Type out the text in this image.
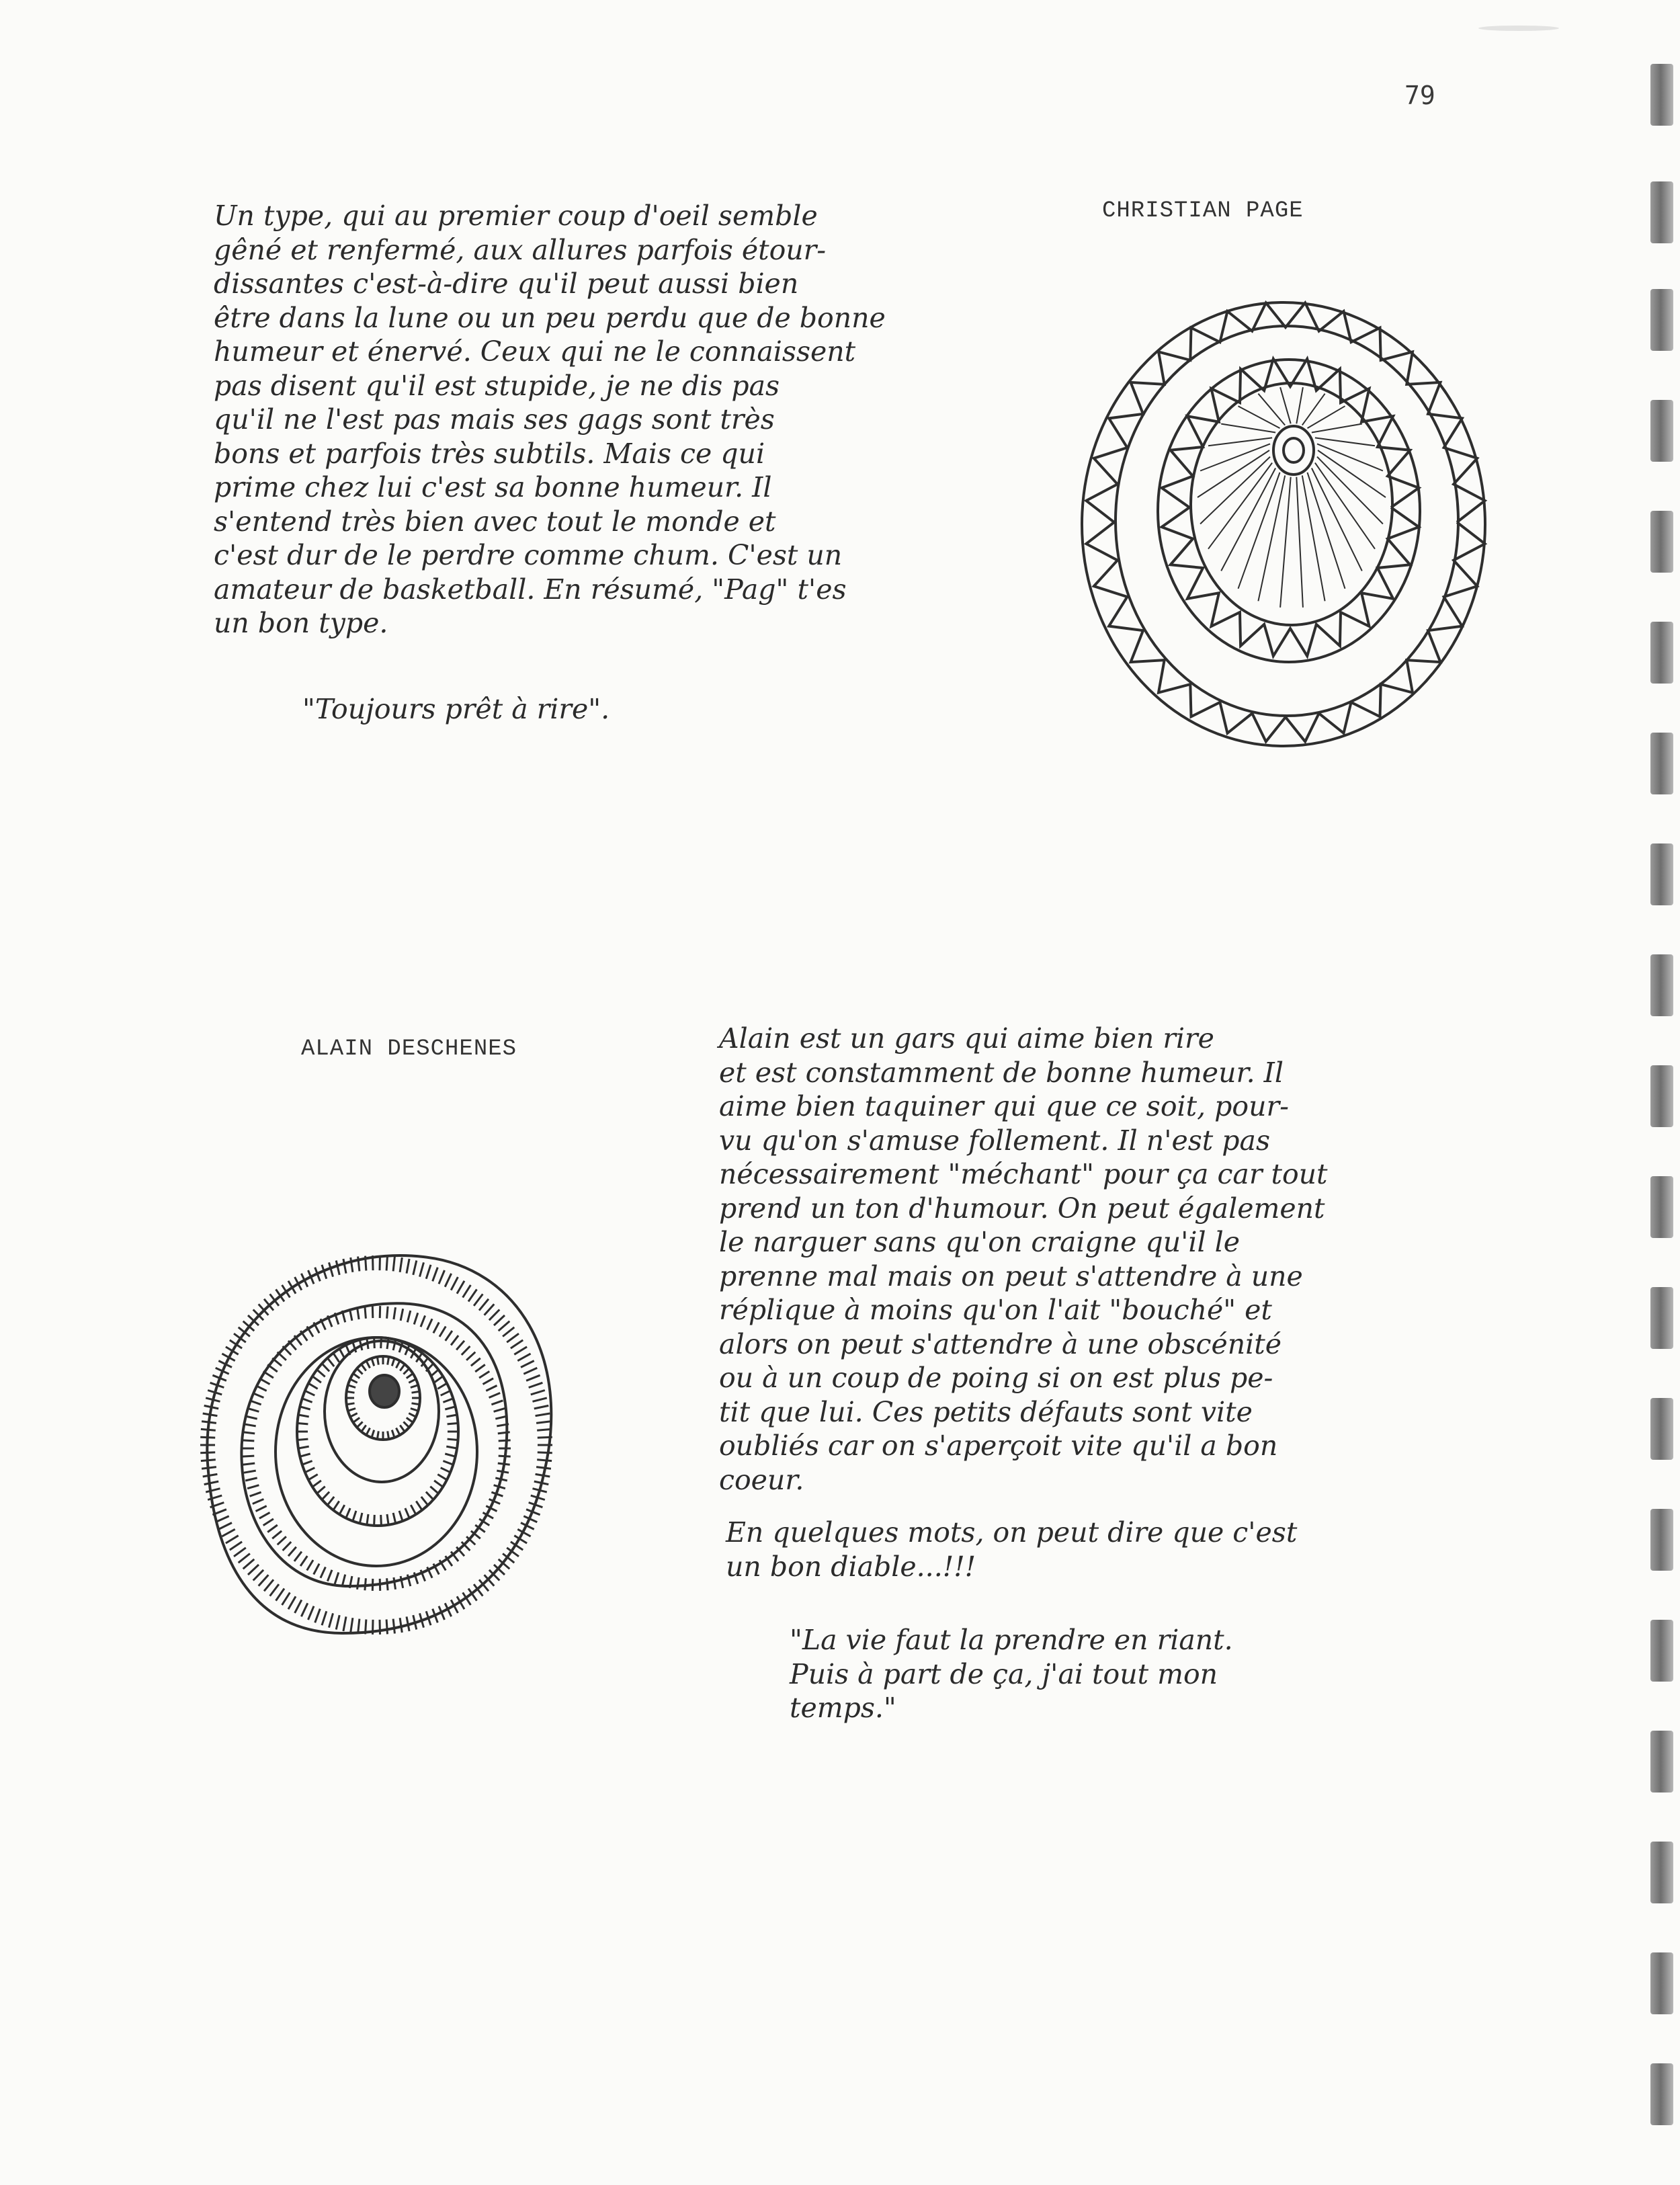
79
Un type, qui au premier coup d'oeil semble
gêné et renfermé, aux allures parfois étour-
dissantes c'est-à-dire qu'il peut aussi bien
être dans la lune ou un peu perdu que de bonne
humeur et énervé. Ceux qui ne le connaissent
pas disent qu'il est stupide, je ne dis pas
qu'il ne l'est pas mais ses gags sont très
bons et parfois très subtils. Mais ce qui
prime chez lui c'est sa bonne humeur. Il
s'entend très bien avec tout le monde et
c'est dur de le perdre comme chum. C'est un
amateur de basketball. En résumé, "Pag" t'es
un bon type.
CHRISTIAN PAGE
"Toujours prêt à rire".
ALAIN DESCHENES	Alain est un gars qui aime bien rire
et est constamment de bonne humeur. Il
aime bien taquiner qui que ce soit, pour-
vu qu'on s'amuse follement. Il n'est pas
nécessairement "méchant" pour ça car tout
prend un ton d'humour. On peut également
le narguer sans qu'on craigne qu'il le
prenne mal mais on peut s'attendre à une
réplique à moins qu'on l'ait "bouché" et
alors on peut s'attendre à une obscénité
ou à un coup de poing si on est plus pe-
tit que lui. Ces petits défauts sont vite
oubliés car on s'aperçoit vite qu'il a bon
coeur.
En quelques mots, on peut dire que c'est
un bon diable...!!!
"La vie faut la prendre en riant.
Puis à part de ça, j'ai tout mon
temps."
